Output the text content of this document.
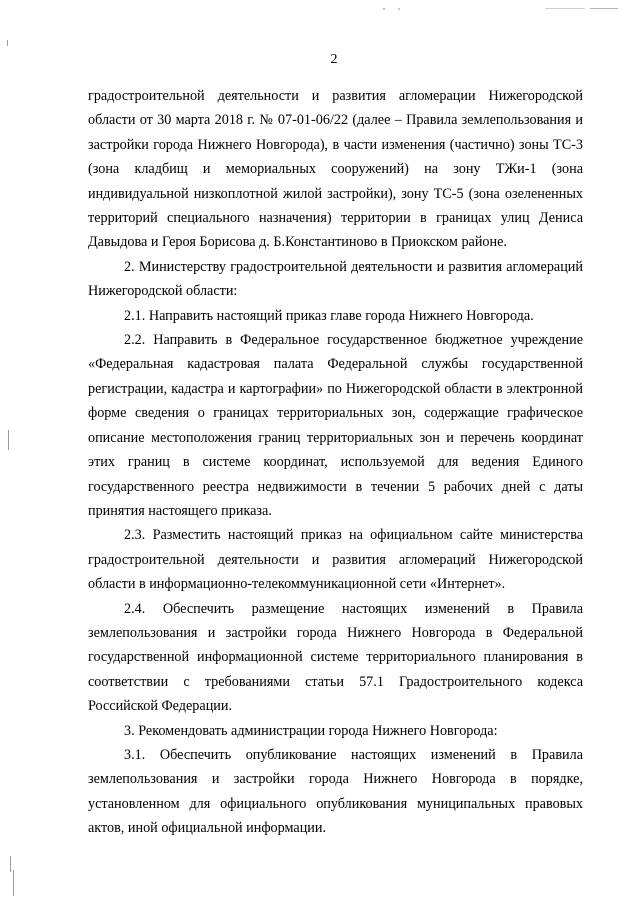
2

градостроительной деятельности и развития агломерации Нижегородской области от 30 марта 2018 г. № 07-01-06/22 (далее – Правила землепользования и застройки города Нижнего Новгорода), в части изменения (частично) зоны ТС-3 (зона кладбищ и мемориальных сооружений) на зону ТЖи-1 (зона индивидуальной низкоплотной жилой застройки), зону ТС-5 (зона озелененных территорий специального назначения) территории в границах улиц Дениса Давыдова и Героя Борисова д. Б.Константиново в Приокском районе.

2. Министерству градостроительной деятельности и развития агломераций Нижегородской области:

2.1. Направить настоящий приказ главе города Нижнего Новгорода.

2.2. Направить в Федеральное государственное бюджетное учреждение «Федеральная кадастровая палата Федеральной службы государственной регистрации, кадастра и картографии» по Нижегородской области в электронной форме сведения о границах территориальных зон, содержащие графическое описание местоположения границ территориальных зон и перечень координат этих границ в системе координат, используемой для ведения Единого государственного реестра недвижимости в течении 5 рабочих дней с даты принятия настоящего приказа.

2.3. Разместить настоящий приказ на официальном сайте министерства градостроительной деятельности и развития агломераций Нижегородской области в информационно-телекоммуникационной сети «Интернет».

2.4. Обеспечить размещение настоящих изменений в Правила землепользования и застройки города Нижнего Новгорода в Федеральной государственной информационной системе территориального планирования в соответствии с требованиями статьи 57.1 Градостроительного кодекса Российской Федерации.

3. Рекомендовать администрации города Нижнего Новгорода:

3.1. Обеспечить опубликование настоящих изменений в Правила землепользования и застройки города Нижнего Новгорода в порядке, установленном для официального опубликования муниципальных правовых актов, иной официальной информации.
